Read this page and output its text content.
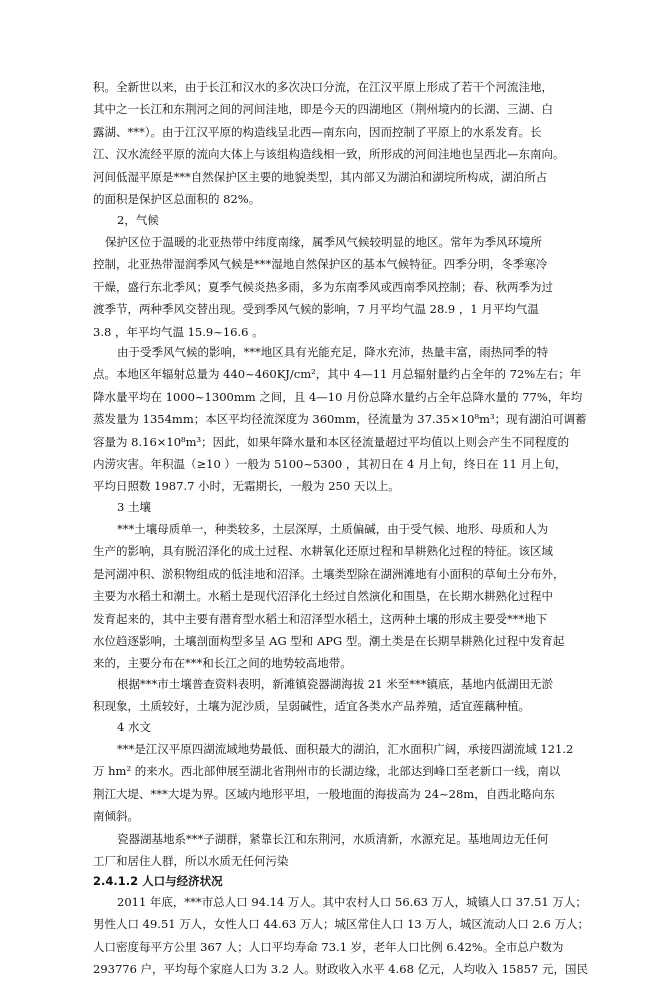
积。全新世以来，由于长江和汉水的多次决口分流，在江汉平原上形成了若干个河流洼地，
其中之一长江和东荆河之间的河间洼地，即是今天的四湖地区（荆州境内的长湖、三湖、白
露湖、***）。由于江汉平原的构造线呈北西—南东向，因而控制了平原上的水系发育。长
江、汉水流经平原的流向大体上与该组构造线相一致，所形成的河间洼地也呈西北—东南向。
河间低湿平原是***自然保护区主要的地貌类型，其内部又为湖泊和湖垸所构成，湖泊所占
的面积是保护区总面积的 82%。
2，气候
保护区位于温暖的北亚热带中纬度南缘，属季风气候较明显的地区。常年为季风环境所
控制，北亚热带湿润季风气候是***湿地自然保护区的基本气候特征。四季分明，冬季寒冷
干燥，盛行东北季风；夏季气候炎热多雨，多为东南季风或西南季风控制；春、秋两季为过
渡季节，两种季风交替出现。受到季风气候的影响，7 月平均气温 28.9 ，1 月平均气温
3.8 ，年平均气温 15.9~16.6 。
由于受季风气候的影响，***地区具有光能充足，降水充沛，热量丰富，雨热同季的特
点。本地区年辐射总量为 440~460KJ/cm²，其中 4—11 月总辐射量约占全年的 72%左右；年
降水量平均在 1000~1300mm 之间，且 4—10 月份总降水量约占全年总降水量的 77%，年均
蒸发量为 1354mm；本区平均径流深度为 360mm，径流量为 37.35×10⁸m³；现有湖泊可调蓄
容量为 8.16×10⁸m³；因此，如果年降水量和本区径流量超过平均值以上则会产生不同程度的
内涝灾害。年积温（≥10 ）一般为 5100~5300 ，其初日在 4 月上旬，终日在 11 月上旬，
平均日照数 1987.7 小时，无霜期长，一般为 250 天以上。
3 土壤
***土壤母质单一，种类较多，土层深厚，土质偏碱，由于受气候、地形、母质和人为
生产的影响，具有脱沼泽化的成土过程、水耕氧化还原过程和旱耕熟化过程的特征。该区域
是河湖冲积、淤积物组成的低洼地和沼泽。土壤类型除在湖洲滩地有小面积的草甸土分布外，
主要为水稻土和潮土。水稻土是现代沼泽化土经过自然演化和围垦，在长期水耕熟化过程中
发育起来的，其中主要有潜育型水稻土和沼泽型水稻土，这两种土壤的形成主要受***地下
水位趋逐影响，土壤剖面构型多呈 AG 型和 APG 型。潮土类是在长期旱耕熟化过程中发育起
来的，主要分布在***和长江之间的地势较高地带。
根据***市土壤普查资料表明，新滩镇瓷器湖海拔 21 米至***镇底，基地内低湖田无淤
积现象，土质较好，土壤为泥沙质，呈弱碱性，适宜各类水产品养殖，适宜莲藕种植。
4 水文
***是江汉平原四湖流域地势最低、面积最大的湖泊，汇水面积广阔，承接四湖流域 121.2
万 hm² 的来水。西北部伸展至湖北省荆州市的长湖边缘，北部达到峰口至老新口一线，南以
荆江大堤、***大堤为界。区域内地形平坦，一般地面的海拔高为 24~28m，自西北略向东
南倾斜。
瓷器湖基地系***子湖群，紧靠长江和东荆河，水质清新，水源充足。基地周边无任何
工厂和居住人群，所以水质无任何污染
2.4.1.2 人口与经济状况
2011 年底，***市总人口 94.14 万人。其中农村人口 56.63 万人，城镇人口 37.51 万人；
男性人口 49.51 万人，女性人口 44.63 万人；城区常住人口 13 万人，城区流动人口 2.6 万人；
人口密度每平方公里 367 人；人口平均寿命 73.1 岁，老年人口比例 6.42%。全市总户数为
293776 户，平均每个家庭人口为 3.2 人。财政收入水平 4.68 亿元，人均收入 15857 元，国民
